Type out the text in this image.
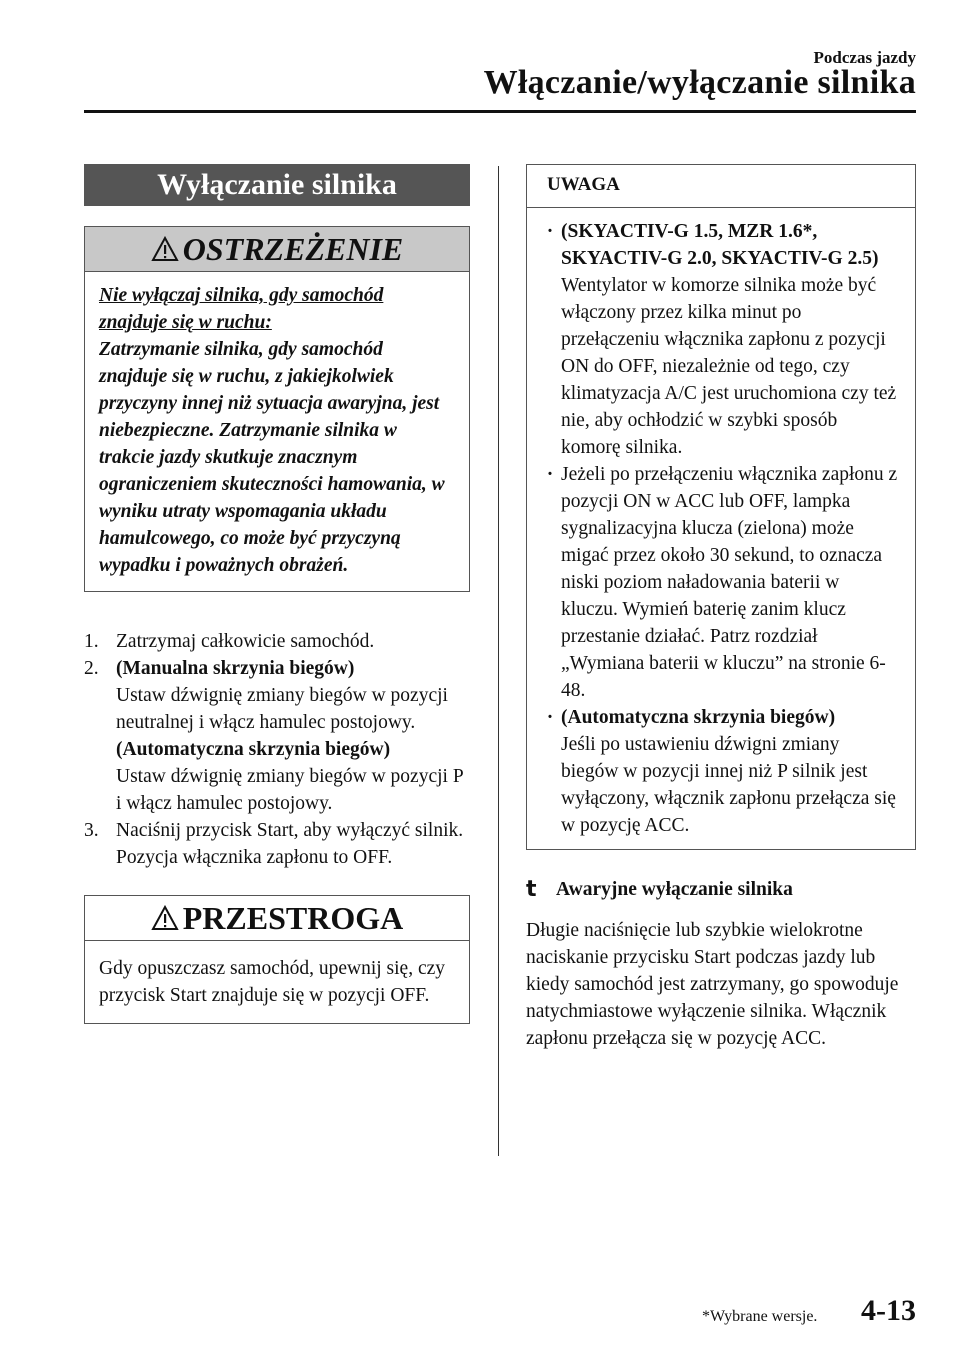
Podczas jazdy
Włączanie/wyłączanie silnika
Wyłączanie silnika
OSTRZEŻENIE
Nie wyłączaj silnika, gdy samochód znajduje się w ruchu:
Zatrzymanie silnika, gdy samochód znajduje się w ruchu, z jakiejkolwiek przyczyny innej niż sytuacja awaryjna, jest niebezpieczne. Zatrzymanie silnika w trakcie jazdy skutkuje znacznym ograniczeniem skuteczności hamowania, w wyniku utraty wspomagania układu hamulcowego, co może być przyczyną wypadku i poważnych obrażeń.
1. Zatrzymaj całkowicie samochód.
2. (Manualna skrzynia biegów)
Ustaw dźwignię zmiany biegów w pozycji neutralnej i włącz hamulec postojowy.
(Automatyczna skrzynia biegów)
Ustaw dźwignię zmiany biegów w pozycji P i włącz hamulec postojowy.
3. Naciśnij przycisk Start, aby wyłączyć silnik. Pozycja włącznika zapłonu to OFF.
PRZESTROGA
Gdy opuszczasz samochód, upewnij się, czy przycisk Start znajduje się w pozycji OFF.
UWAGA
· (SKYACTIV-G 1.5, MZR 1.6*, SKYACTIV-G 2.0, SKYACTIV-G 2.5)
Wentylator w komorze silnika może być włączony przez kilka minut po przełączeniu włącznika zapłonu z pozycji ON do OFF, niezależnie od tego, czy klimatyzacja A/C jest uruchomiona czy też nie, aby ochłodzić w szybki sposób komorę silnika.
· Jeżeli po przełączeniu włącznika zapłonu z pozycji ON w ACC lub OFF, lampka sygnalizacyjna klucza (zielona) może migać przez około 30 sekund, to oznacza niski poziom naładowania baterii w kluczu. Wymień baterię zanim klucz przestanie działać. Patrz rozdział „Wymiana baterii w kluczu” na stronie 6-48.
· (Automatyczna skrzynia biegów)
Jeśli po ustawieniu dźwigni zmiany biegów w pozycji innej niż P silnik jest wyłączony, włącznik zapłonu przełącza się w pozycję ACC.
t Awaryjne wyłączanie silnika
Długie naciśnięcie lub szybkie wielokrotne naciskanie przycisku Start podczas jazdy lub kiedy samochód jest zatrzymany, go spowoduje natychmiastowe wyłączenie silnika. Włącznik zapłonu przełącza się w pozycję ACC.
*Wybrane wersje. 4-13
